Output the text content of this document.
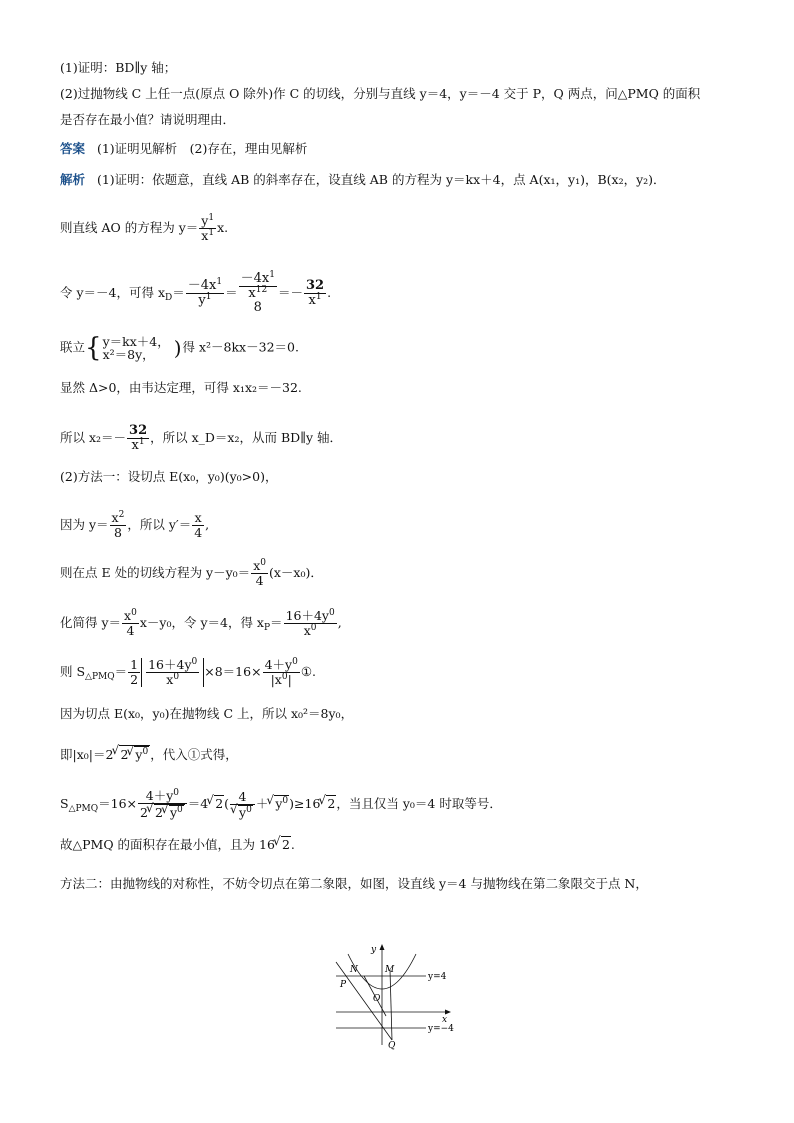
(1)证明：BD∥y 轴；
(2)过抛物线 C 上任一点(原点 O 除外)作 C 的切线，分别与直线 y＝4，y＝－4 交于 P，Q 两点，问△PMQ 的面积
是否存在最小值？请说明理由．
答案 (1)证明见解析　(2)存在，理由见解析
解析 (1)证明：依题意，直线 AB 的斜率存在，设直线 AB 的方程为 y＝kx＋4，点 A(x₁，y₁)，B(x₂，y₂)．
则直线 AO 的方程为 $y= \frac{y^1}{x^1} x$.
令 y＝－4，可得 $x_D= \frac{-4x^1}{y^1}$ ＝
$-4x^1$
$x^{12}$
8
＝－ $\frac{32}{x^1}$ .
联立{ y＝kx＋4，
x²＝8y， )得 x²－8kx－32＝0.
显然 Δ>0，由韦达定理，可得 x₁x₂＝－32.
所以 $x_2=- \frac{32}{x^1}$ ，所以 x_D＝x₂，从而 BD∥y 轴．
(2)方法一：设切点 E(x₀，y₀)(y₀>0)，
因为 $y= \frac{x^2}{8}$ ，所以 $y'= \frac{x}{4}$ ,
则在点 E 处的切线方程为 $y-y_0= \frac{x^0}{4} (x-x_0)$．
化简得 $y= \frac{x^0}{4} x-y_0$，令 y＝4，得 $x_P= \frac{16+4y^0}{x^0}$ ,
则 $S_{\triangle PMQ}= \frac{1}{2} \frac{16+4y^0}{x^0} \times 8=16\times \frac{4+y^0}{|x^0|}$ ①.
因为切点 E(x₀，y₀)在抛物线 C 上，所以 x₀²＝8y₀，
即|x₀|＝2√ 2√ $y^0$ ，代入①式得，
$S_{\triangle PMQ}=16\times \frac{4+y^0}{2√ 2√ y^0} =4√$ 2( 4
√ $y^0$ ＋√ $y^0)\ge 16√$ 2，当且仅当 y₀＝4 时取等号．
故△PMQ 的面积存在最小值，且为 16√ 2.
方法二：由抛物线的对称性，不妨令切点在第二象限，如图，设直线 y＝4 与抛物线在第二象限交于点 N，
y
x
N	M
P
O
Q
y=4
y=−4
